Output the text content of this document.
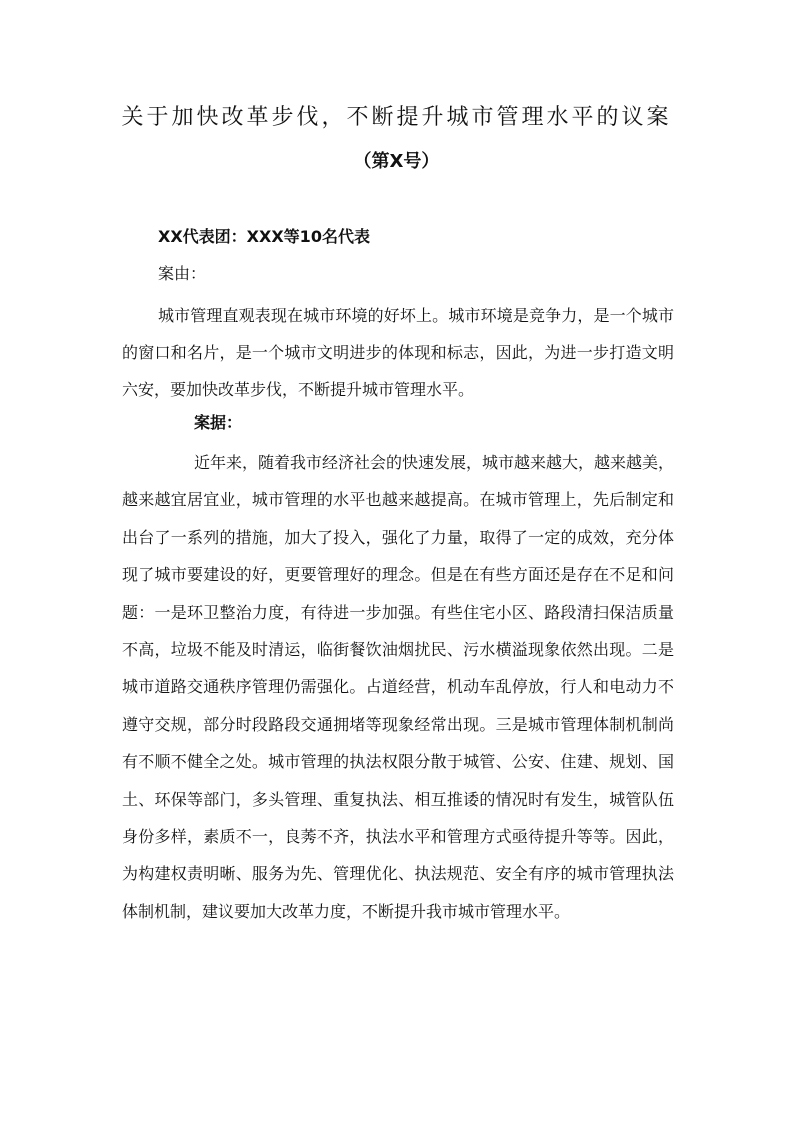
关于加快改革步伐，不断提升城市管理水平的议案
（第X号）
XX代表团：XXX等10名代表
案由：

城市管理直观表现在城市环境的好坏上。城市环境是竞争力，是一个城市的窗口和名片，是一个城市文明进步的体现和标志，因此，为进一步打造文明六安，要加快改革步伐，不断提升城市管理水平。

案据：

近年来，随着我市经济社会的快速发展，城市越来越大，越来越美，越来越宜居宜业，城市管理的水平也越来越提高。在城市管理上，先后制定和出台了一系列的措施，加大了投入，强化了力量，取得了一定的成效，充分体现了城市要建设的好，更要管理好的理念。但是在有些方面还是存在不足和问题：一是环卫整治力度，有待进一步加强。有些住宅小区、路段清扫保洁质量不高，垃圾不能及时清运，临街餐饮油烟扰民、污水横溢现象依然出现。二是城市道路交通秩序管理仍需强化。占道经营，机动车乱停放，行人和电动力不遵守交规，部分时段路段交通拥堵等现象经常出现。三是城市管理体制机制尚有不顺不健全之处。城市管理的执法权限分散于城管、公安、住建、规划、国土、环保等部门，多头管理、重复执法、相互推诿的情况时有发生，城管队伍身份多样，素质不一，良莠不齐，执法水平和管理方式亟待提升等等。因此，为构建权责明晰、服务为先、管理优化、执法规范、安全有序的城市管理执法体制机制，建议要加大改革力度，不断提升我市城市管理水平。
